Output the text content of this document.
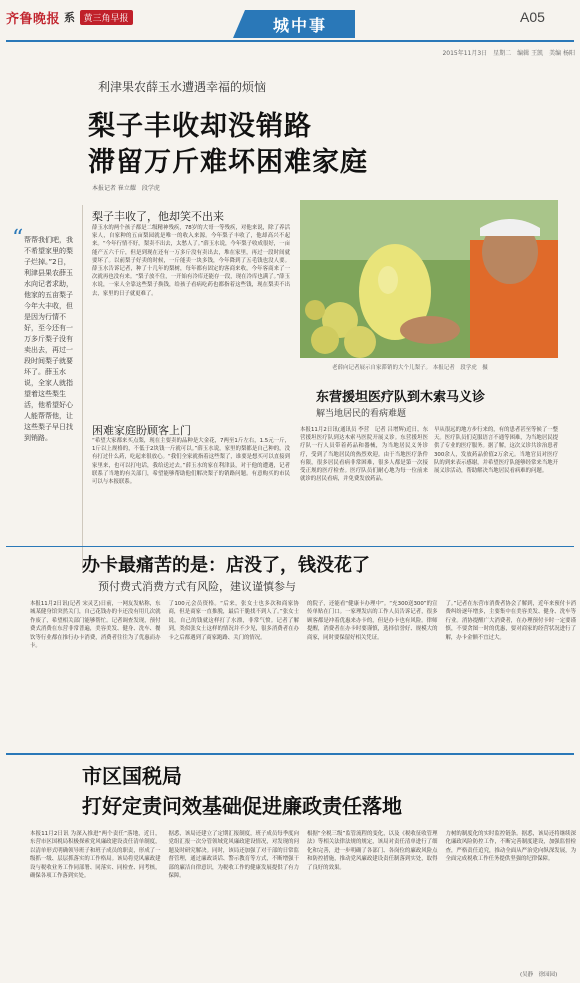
齐鲁晚报 系 黄三角早报	城中事	A05
2015年11月3日　星期二　编辑 王凯　美编 杨阳
“ 帮帮我们吧，我不希望家里的梨子烂掉。”2日，利津县果农薛玉水向记者求助，他家的五亩梨子今年大丰收，但是因为行情不好，至今还有一万多斤梨子没有卖出去，再过一段时间梨子就要坏了。薛玉水说，全家人就指望着这些梨生活，他希望好心人能帮帮他，让这些梨子早日找到销路。
利津果农薛玉水遭遇幸福的烦恼
梨子丰收却没销路
滞留万斤难坏困难家庭
本报记者 崔立耀　段学虎
梨子丰收了，他却笑不出来
薛玉水的两个孩子都是二级精神残疾，78岁的大哥一等残疾，对他来说，除了养活家人，自家种的五亩梨园就是唯一的收入来源。今年梨子丰收了，他却高兴不起来。“今年行情不好，梨卖不出去，太愁人了。”薛玉水说，今年梨子收成很好，一亩能产五六千斤，但是到现在还有一万多斤没有卖出去，堆在家里，再过一段时间就要坏了。以前梨子好卖的时候，一斤能卖一块多钱，今年降到了五毛钱也没人要。薛玉水告诉记者，种了十几年的梨树，每年都有固定的客商来收，今年客商来了一次就再也没有来。“梨子放不住，一开始有冷库还能存一段，现在冷库也满了。”薛玉水说，一家人全靠这些梨子换钱，给孩子看病吃药也都指着这些钱，现在梨卖不出去，家里的日子就更难了。
困难家庭盼顾客上门
“希望大家都来买点梨，现在主要卖的品种是大金花，7两至1斤左右，1.5元一斤，1斤以上规格的，不低于2块钱一斤就可以。”薛玉水说，家里的梨都是自己种的，没有打过什么药，吃起来很放心。“我们全家就指着这些梨了，谁要是想买可以直接到家里来，也可以打电话，我给送过去。”薛玉水的家在利津县，对于他的遭遇，记者联系了当地的有关部门，希望能够帮助他们解决梨子的销路问题。有意购买的市民可以与本报联系。
老薛向记者展示自家滞销的大个儿梨子。 本报记者　段学虎　摄
东营援坦医疗队到木索马义诊
解当地居民的看病难题
本报11月2日讯(通讯员 李营　记者 吕增辉)近日，东营援坦医疗队到达木索马医院开展义诊。东营援坦医疗队一行人员带着药品和器械，为当地居民义务诊疗，受到了当地居民的热烈欢迎。由于当地医疗条件有限，很多居民看病非常困难，很多人都是第一次接受正规的医疗检查。医疗队员们耐心地为每一位前来就诊的居民看病，并免费发放药品。
早从很远的地方步行来的，有的患者甚至等候了一整天。医疗队员们克服语言不通等困难，为当地居民提供了专业的医疗服务。据了解，这次义诊共诊治患者300余人，发放药品价值2万余元。当地官员对医疗队的到来表示感谢，并希望医疗队能够经常来当地开展义诊活动，帮助解决当地居民看病难的问题。
办卡最痛苦的是：店没了，钱没花了
预付费式消费方式有风险，建议谨慎参与
本报11月2日讯(记者 宋灵艺)日前，一网友发帖称，东城某健身馆突然关门，自己花钱办的卡还没有用几次就作废了，希望相关部门能够帮忙。记者调查发现，预付费式消费在东营非常普遍，美容美发、健身、洗车、餐饮等行业都在推行办卡消费，消费者往往为了优惠而办卡。
了100元会员资格。“后来，张女士也多次和商家协商，但是商家一直推脱，最后干脆找不到人了。”张女士说，自己的钱就这样打了水漂，非常气愤。记者了解到，类似张女士这样的情况并不少见，很多消费者在办卡之后都遇到了商家跑路、关门的情况。
的院子，还能看“健康卡办理中”。“充300送300”的宣传单贴在门口。一家理发店的工作人员告诉记者，很多顾客都是冲着优惠来办卡的，但是办卡也有风险。律师提醒，消费者在办卡时要谨慎，选择信誉好、规模大的商家，同时要保留好相关凭证。
了。”记者在东营市消费者协会了解到，近年来预付卡消费纠纷逐年增多，主要集中在美容美发、健身、洗车等行业。消协提醒广大消费者，在办理预付卡时一定要谨慎，不要贪图一时的优惠，要对商家的经营状况进行了解，办卡金额不宜过大。
市区国税局
打好定责问效基础促进廉政责任落地
本报11月2日讯 为深入推进“两个责任”落地，近日，东营市区国税局积极探索党风廉政建设责任清单制度，以清单形式明确领导班子和班子成员的职责，形成了一级抓一级、层层抓落实的工作格局。该局将党风廉政建设与税收业务工作同部署、同落实、同检查、同考核，确保各项工作落到实处。
据悉，该局还建立了定期汇报制度，班子成员每季度向党组汇报一次分管领域党风廉政建设情况，对发现的问题及时研究解决。同时，该局还加强了对干部的日常监督管理，通过廉政谈话、警示教育等方式，不断增强干部的廉洁自律意识，为税收工作的健康发展提供了有力保障。
根据“全税三级”监管流程的变化，以及《税收征收管理法》等相关法律法规的规定，该局对责任清单进行了细化和完善，进一步明确了各部门、各岗位的廉政风险点和防控措施，推动党风廉政建设责任制落到实处，取得了良好的效果。
力树的制度化的实时监控链条。据悉，该局还将继续深化廉政风险防控工作，不断完善制度建设，加强监督检查，严格责任追究，推动全面从严治党向纵深发展，为全面完成税收工作任务提供坚强的纪律保障。
(吴静　徐园园)
